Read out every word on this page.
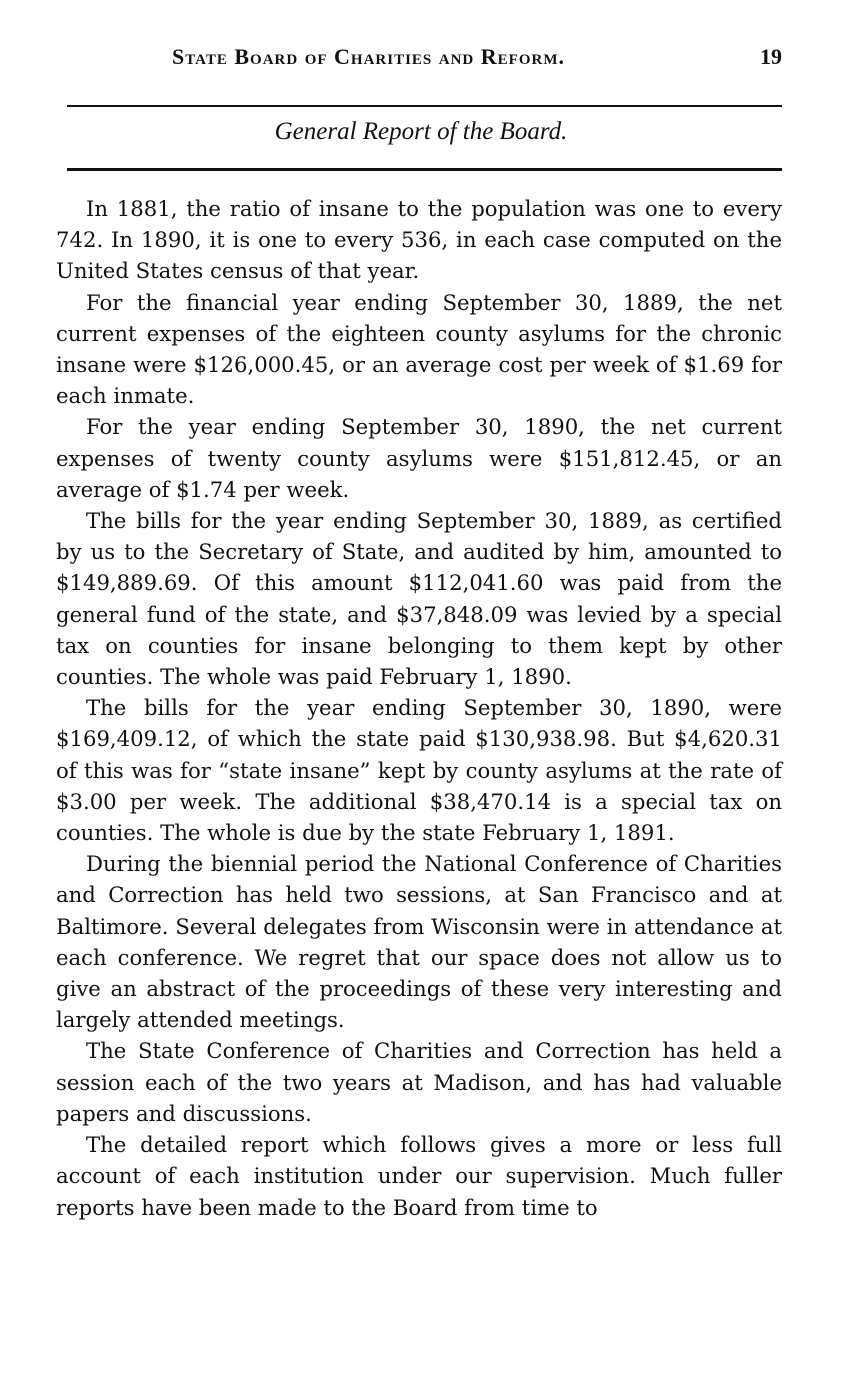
State Board of Charities and Reform.	19
General Report of the Board.

In 1881, the ratio of insane to the population was one to every 742. In 1890, it is one to every 536, in each case computed on the United States census of that year.

For the financial year ending September 30, 1889, the net current expenses of the eighteen county asylums for the chronic insane were $126,000.45, or an average cost per week of $1.69 for each inmate.

For the year ending September 30, 1890, the net current expenses of twenty county asylums were $151,812.45, or an average of $1.74 per week.

The bills for the year ending September 30, 1889, as certified by us to the Secretary of State, and audited by him, amounted to $149,889.69. Of this amount $112,041.60 was paid from the general fund of the state, and $37,848.09 was levied by a special tax on counties for insane belonging to them kept by other counties. The whole was paid February 1, 1890.

The bills for the year ending September 30, 1890, were $169,409.12, of which the state paid $130,938.98. But $4,620.31 of this was for “state insane” kept by county asylums at the rate of $3.00 per week. The additional $38,470.14 is a special tax on counties. The whole is due by the state February 1, 1891.

During the biennial period the National Conference of Charities and Correction has held two sessions, at San Francisco and at Baltimore. Several delegates from Wisconsin were in attendance at each conference. We regret that our space does not allow us to give an abstract of the proceedings of these very interesting and largely attended meetings.

The State Conference of Charities and Correction has held a session each of the two years at Madison, and has had valuable papers and discussions.

The detailed report which follows gives a more or less full account of each institution under our supervision. Much fuller reports have been made to the Board from time to
